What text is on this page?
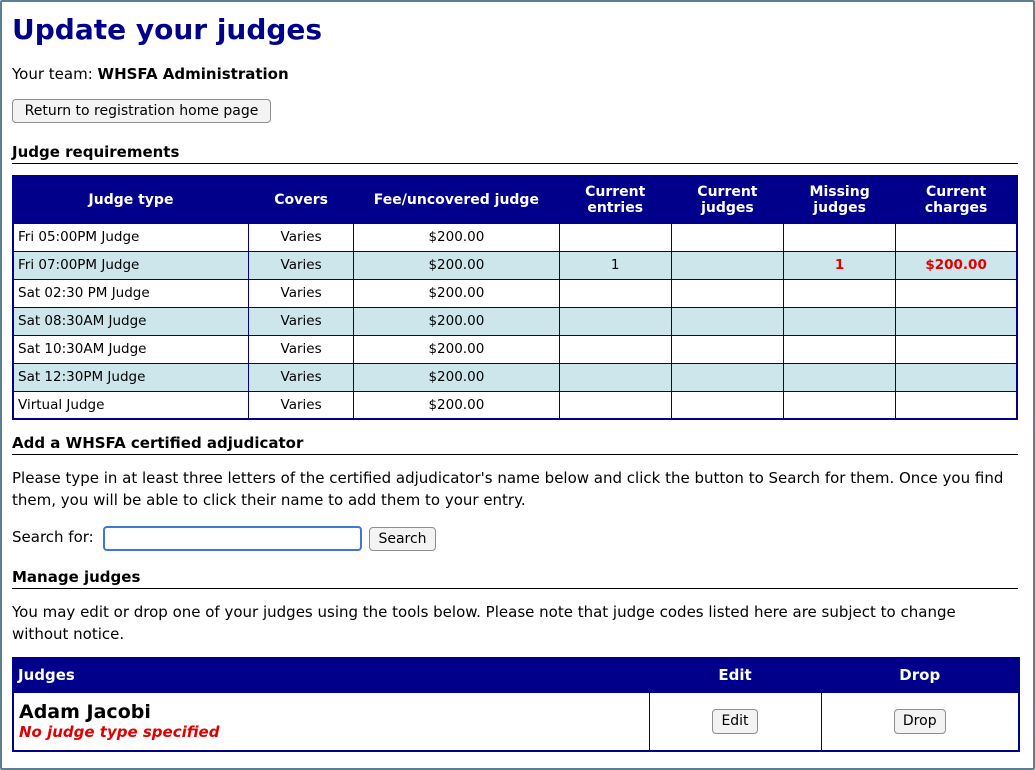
Update your judges
Your team: WHSFA Administration
Return to registration home page
Judge requirements
Judge type	Covers	Fee/uncovered judge	Current entries	Current judges	Missing judges	Current charges
Fri 05:00PM Judge	Varies	$200.00				
Fri 07:00PM Judge	Varies	$200.00	1		1	$200.00
Sat 02:30 PM Judge	Varies	$200.00				
Sat 08:30AM Judge	Varies	$200.00				
Sat 10:30AM Judge	Varies	$200.00				
Sat 12:30PM Judge	Varies	$200.00				
Virtual Judge	Varies	$200.00				
Add a WHSFA certified adjudicator
Please type in at least three letters of the certified adjudicator's name below and click the button to Search for them. Once you find them, you will be able to click their name to add them to your entry.
Search for:	Search
Manage judges
You may edit or drop one of your judges using the tools below. Please note that judge codes listed here are subject to change without notice.
Judges	Edit	Drop

Adam Jacobi
No judge type specified	Edit	Drop
